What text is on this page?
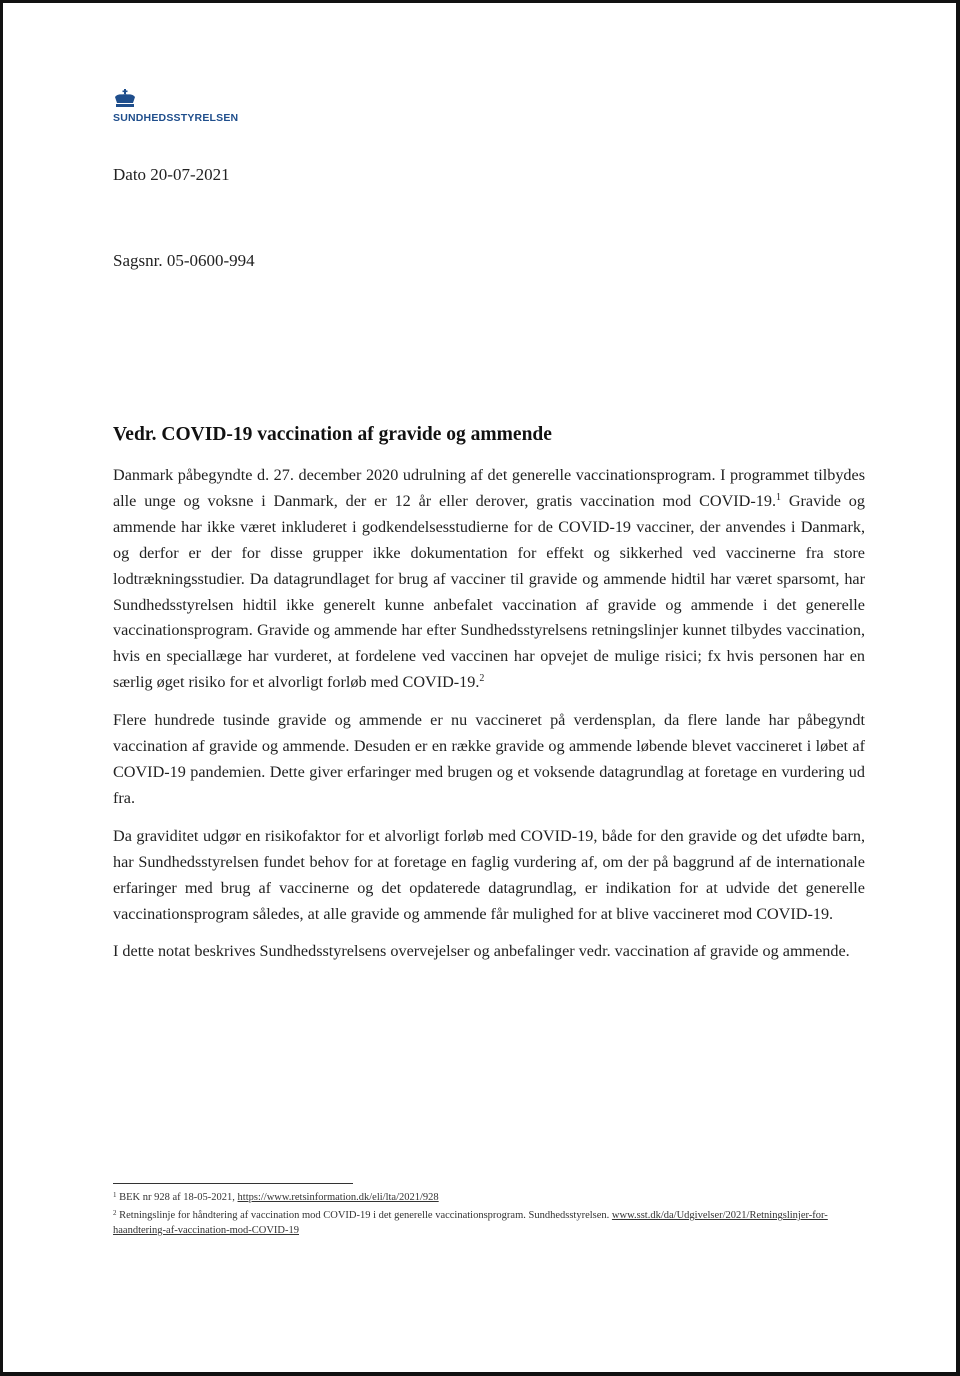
SUNDHEDSSTYRELSEN
Dato 20-07-2021
Sagsnr. 05-0600-994
Vedr. COVID-19 vaccination af gravide og ammende

Danmark påbegyndte d. 27. december 2020 udrulning af det generelle vaccinationsprogram. I programmet tilbydes alle unge og voksne i Danmark, der er 12 år eller derover, gratis vaccination mod COVID-19.$^1$ Gravide og ammende har ikke været inkluderet i godkendelsesstudierne for de COVID-19 vacciner, der anvendes i Danmark, og derfor er der for disse grupper ikke dokumentation for effekt og sikkerhed ved vaccinerne fra store lodtrækningsstudier. Da datagrundlaget for brug af vacciner til gravide og ammende hidtil har været sparsomt, har Sundhedsstyrelsen hidtil ikke generelt kunne anbefalet vaccination af gravide og ammende i det generelle vaccinationsprogram. Gravide og ammende har efter Sundhedsstyrelsens retningslinjer kunnet tilbydes vaccination, hvis en speciallæge har vurderet, at fordelene ved vaccinen har opvejet de mulige risici; fx hvis personen har en særlig øget risiko for et alvorligt forløb med COVID-19.$^2$

Flere hundrede tusinde gravide og ammende er nu vaccineret på verdensplan, da flere lande har påbegyndt vaccination af gravide og ammende. Desuden er en række gravide og ammende løbende blevet vaccineret i løbet af COVID-19 pandemien. Dette giver erfaringer med brugen og et voksende datagrundlag at foretage en vurdering ud fra.

Da graviditet udgør en risikofaktor for et alvorligt forløb med COVID-19, både for den gravide og det ufødte barn, har Sundhedsstyrelsen fundet behov for at foretage en faglig vurdering af, om der på baggrund af de internationale erfaringer med brug af vaccinerne og det opdaterede datagrundlag, er indikation for at udvide det generelle vaccinationsprogram således, at alle gravide og ammende får mulighed for at blive vaccineret mod COVID-19.

I dette notat beskrives Sundhedsstyrelsens overvejelser og anbefalinger vedr. vaccination af gravide og ammende.

$^1$ BEK nr 928 af 18-05-2021, https://www.retsinformation.dk/eli/lta/2021/928
$^2$ Retningslinje for håndtering af vaccination mod COVID-19 i det generelle vaccinationsprogram. Sundhedsstyrelsen. www.sst.dk/da/Udgivelser/2021/Retningslinjer-for-haandtering-af-vaccination-mod-COVID-19
